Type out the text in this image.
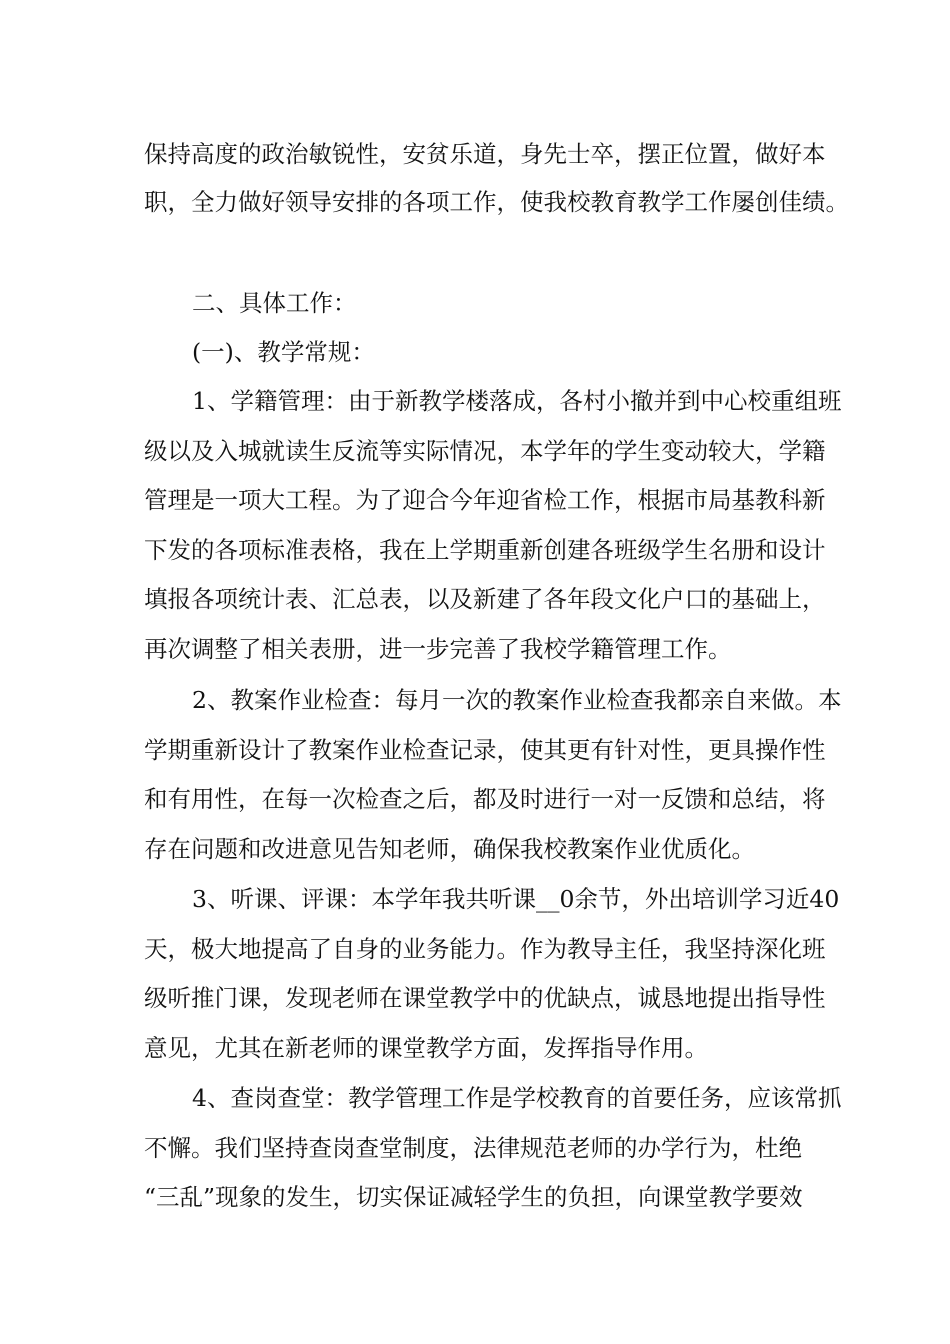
保持高度的政治敏锐性，安贫乐道，身先士卒，摆正位置，做好本

职，全力做好领导安排的各项工作，使我校教育教学工作屡创佳绩。

二、具体工作：

(一)、教学常规：

1、学籍管理：由于新教学楼落成，各村小撤并到中心校重组班

级以及入城就读生反流等实际情况，本学年的学生变动较大，学籍

管理是一项大工程。为了迎合今年迎省检工作，根据市局基教科新

下发的各项标准表格，我在上学期重新创建各班级学生名册和设计

填报各项统计表、汇总表，以及新建了各年段文化户口的基础上，

再次调整了相关表册，进一步完善了我校学籍管理工作。

2、教案作业检查：每月一次的教案作业检查我都亲自来做。本

学期重新设计了教案作业检查记录，使其更有针对性，更具操作性

和有用性，在每一次检查之后，都及时进行一对一反馈和总结，将

存在问题和改进意见告知老师，确保我校教案作业优质化。

3、听课、评课：本学年我共听课__0余节，外出培训学习近40

天，极大地提高了自身的业务能力。作为教导主任，我坚持深化班

级听推门课，发现老师在课堂教学中的优缺点，诚恳地提出指导性

意见，尤其在新老师的课堂教学方面，发挥指导作用。

4、查岗查堂：教学管理工作是学校教育的首要任务，应该常抓

不懈。我们坚持查岗查堂制度，法律规范老师的办学行为，杜绝

“三乱”现象的发生，切实保证减轻学生的负担，向课堂教学要效
